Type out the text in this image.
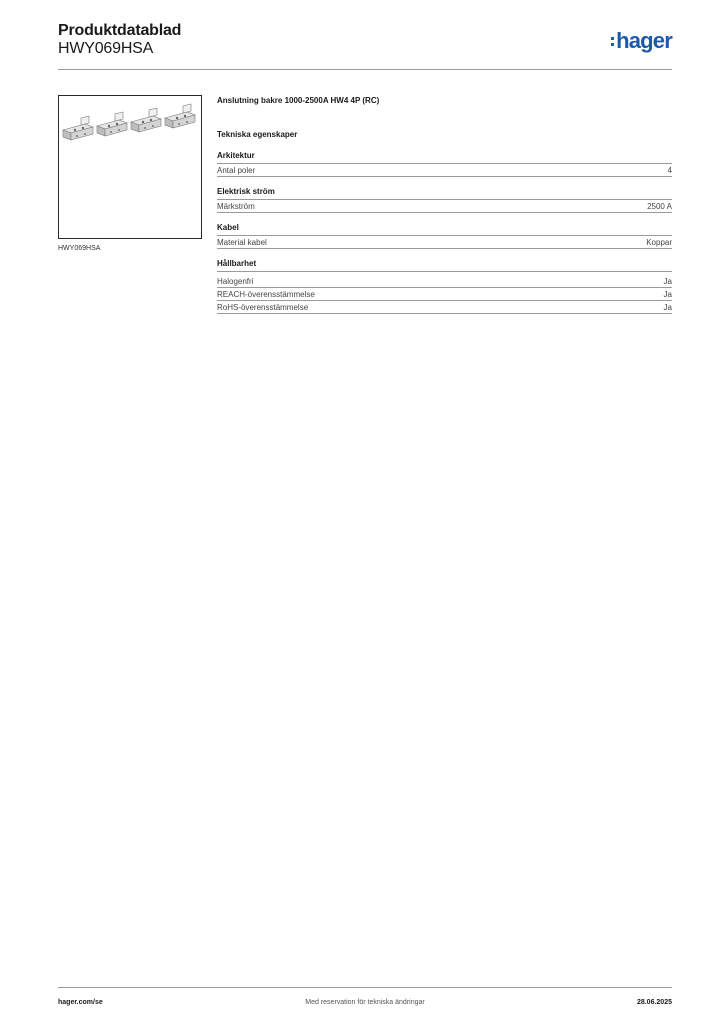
Produktdatablad
HWY069HSA	hager
HWY069HSA
Anslutning bakre 1000-2500A HW4 4P (RC)
Tekniska egenskaper
Arkitektur
Antal poler	4
Elektrisk ström
Märkström	2500 A
Kabel
Material kabel	Koppar
Hållbarhet
Halogenfri	Ja
REACH-överensstämmelse	Ja
RoHS-överensstämmelse	Ja
Med reservation för tekniska ändringar
hager.com/se	28.06.2025
